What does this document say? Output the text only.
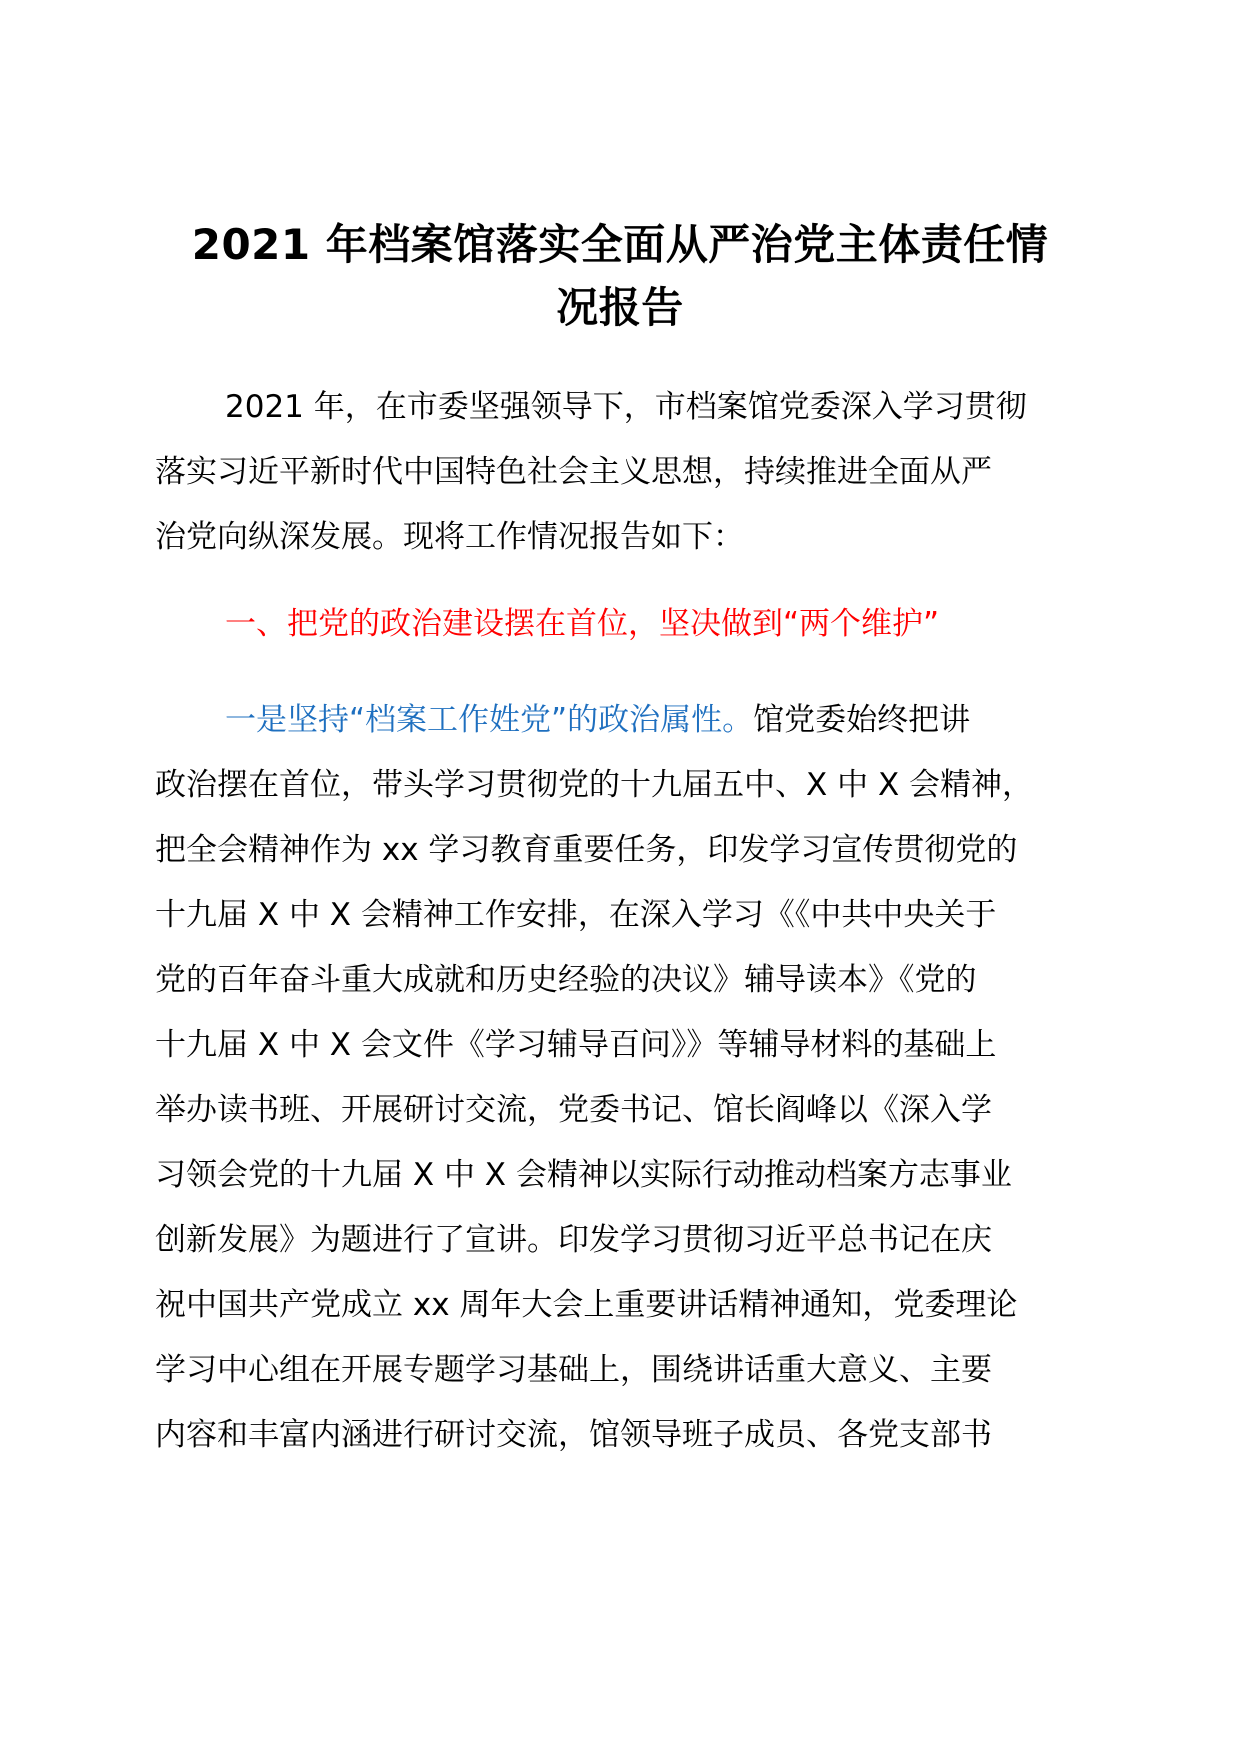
2021 年档案馆落实全面从严治党主体责任情
况报告

2021 年，在市委坚强领导下，市档案馆党委深入学习贯彻
落实习近平新时代中国特色社会主义思想，持续推进全面从严
治党向纵深发展。现将工作情况报告如下：

一、把党的政治建设摆在首位，坚决做到“两个维护”

一是坚持“档案工作姓党”的政治属性。馆党委始终把讲
政治摆在首位，带头学习贯彻党的十九届五中、X 中 X 会精神，
把全会精神作为 xx 学习教育重要任务，印发学习宣传贯彻党的
十九届 X 中 X 会精神工作安排，在深入学习《《中共中央关于
党的百年奋斗重大成就和历史经验的决议》辅导读本》《党的
十九届 X 中 X 会文件《学习辅导百问》》等辅导材料的基础上
举办读书班、开展研讨交流，党委书记、馆长阎峰以《深入学
习领会党的十九届 X 中 X 会精神以实际行动推动档案方志事业
创新发展》为题进行了宣讲。印发学习贯彻习近平总书记在庆
祝中国共产党成立 xx 周年大会上重要讲话精神通知，党委理论
学习中心组在开展专题学习基础上，围绕讲话重大意义、主要
内容和丰富内涵进行研讨交流，馆领导班子成员、各党支部书
